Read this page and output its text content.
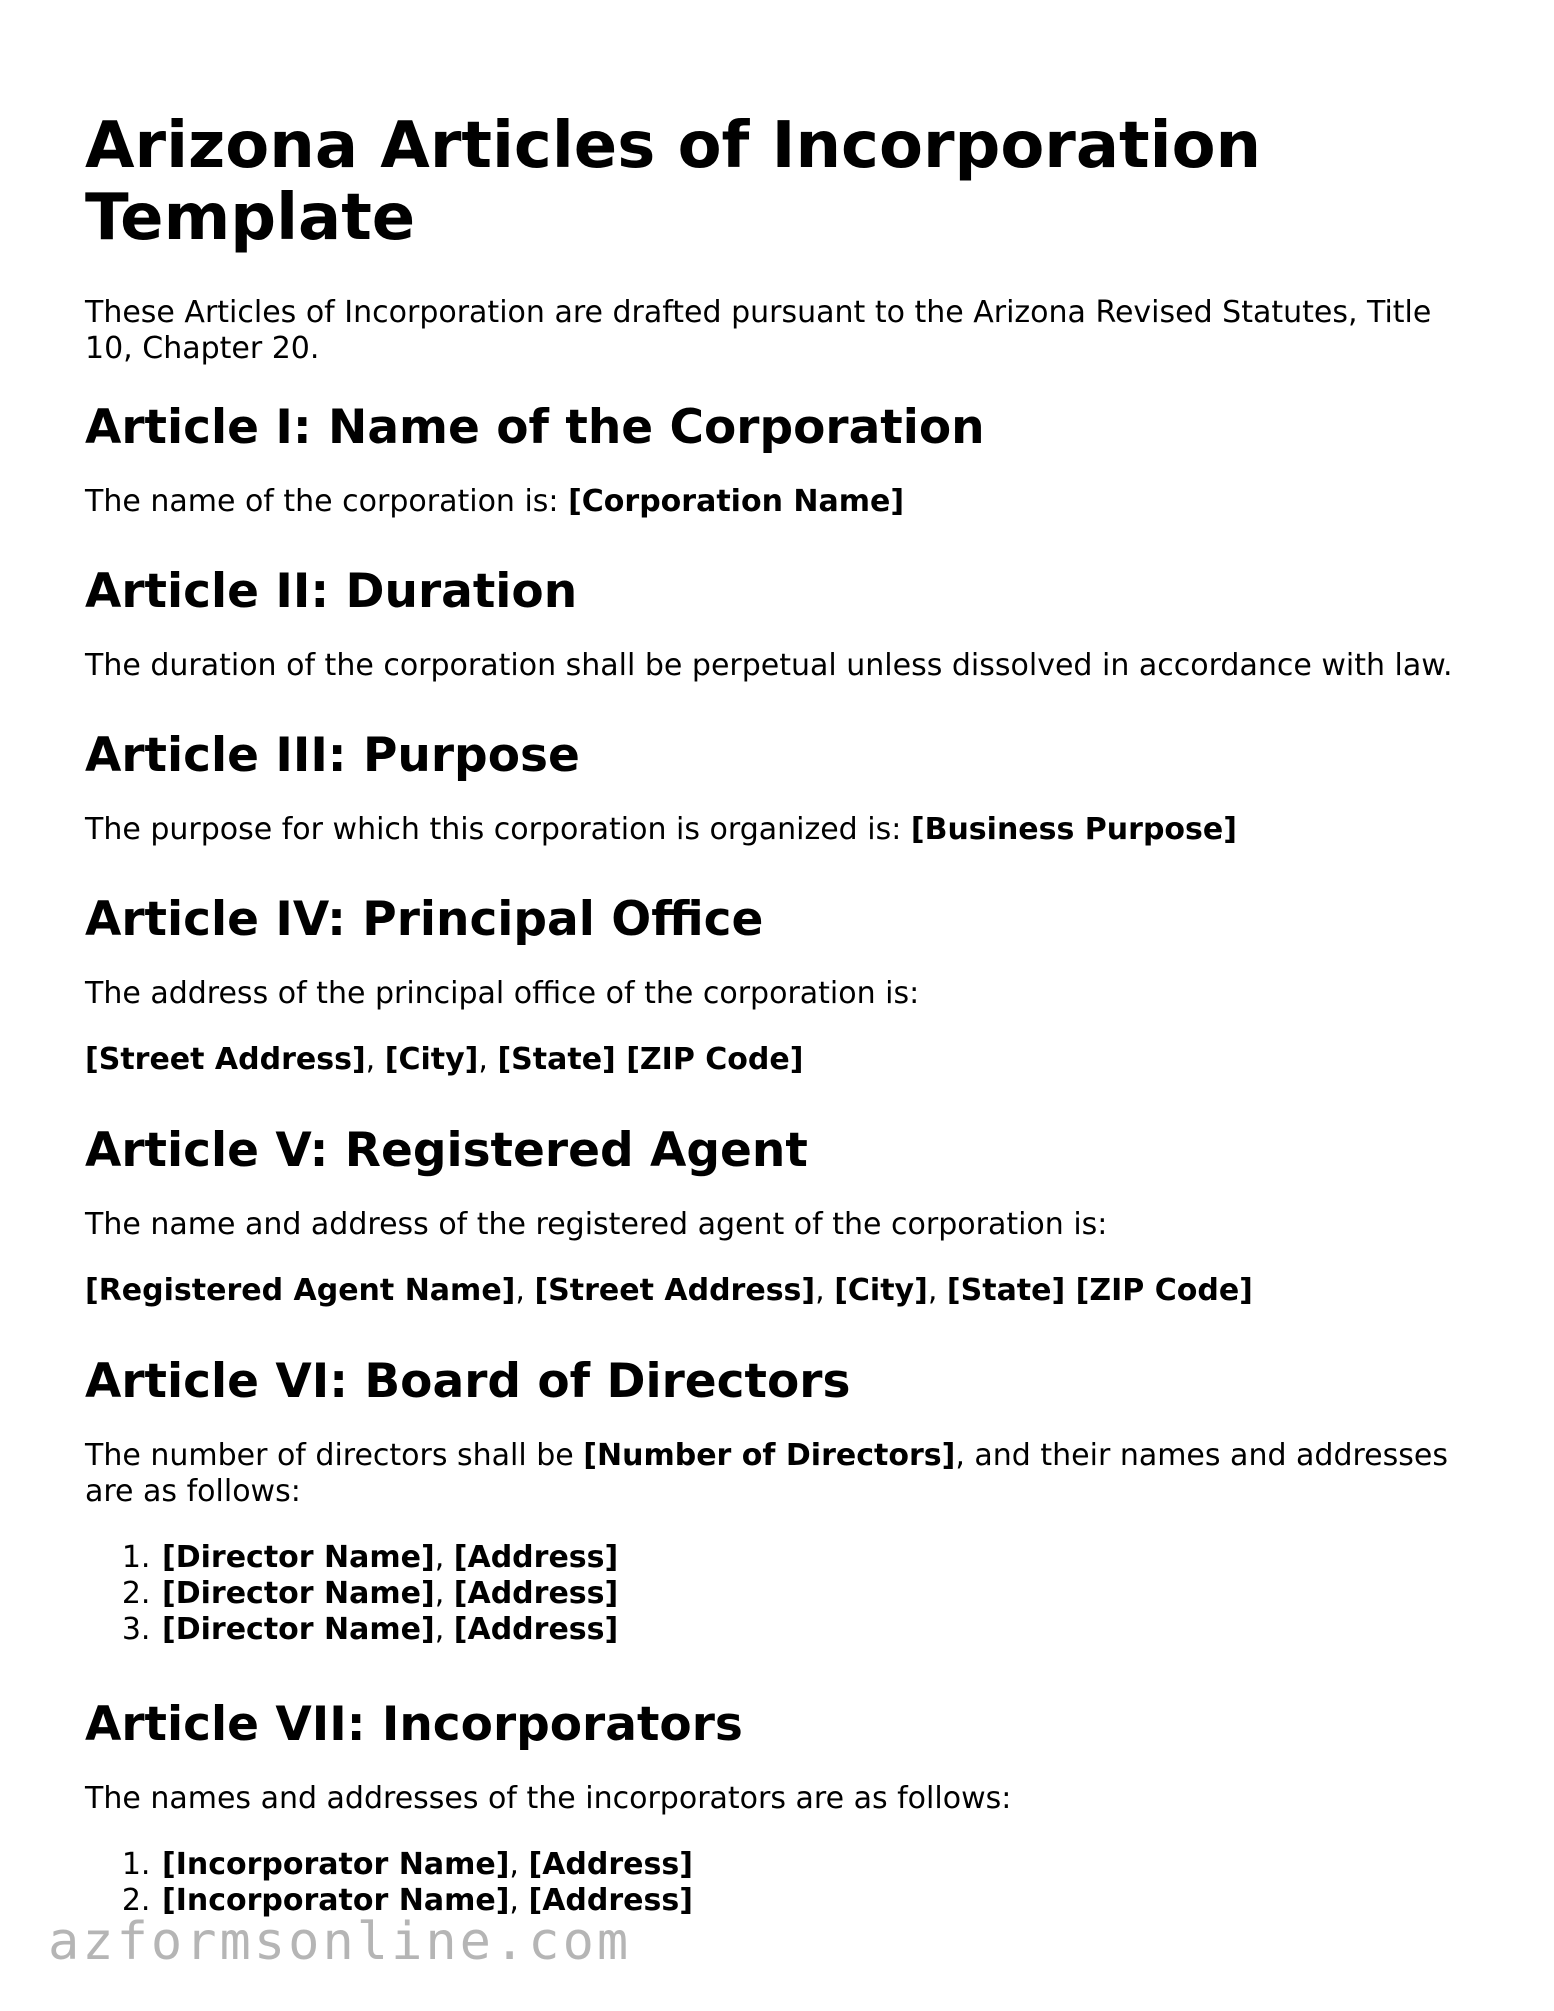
Arizona Articles of Incorporation Template

These Articles of Incorporation are drafted pursuant to the Arizona Revised Statutes, Title 10, Chapter 20.

Article I: Name of the Corporation

The name of the corporation is: [Corporation Name]

Article II: Duration

The duration of the corporation shall be perpetual unless dissolved in accordance with law.

Article III: Purpose

The purpose for which this corporation is organized is: [Business Purpose]

Article IV: Principal Office

The address of the principal office of the corporation is:

[Street Address], [City], [State] [ZIP Code]

Article V: Registered Agent

The name and address of the registered agent of the corporation is:

[Registered Agent Name], [Street Address], [City], [State] [ZIP Code]

Article VI: Board of Directors

The number of directors shall be [Number of Directors], and their names and addresses are as follows:

1. [Director Name], [Address]
2. [Director Name], [Address]
3. [Director Name], [Address]
Article VII: Incorporators

The names and addresses of the incorporators are as follows:

1. [Incorporator Name], [Address]
2. [Incorporator Name], [Address]
azformsonline.com
